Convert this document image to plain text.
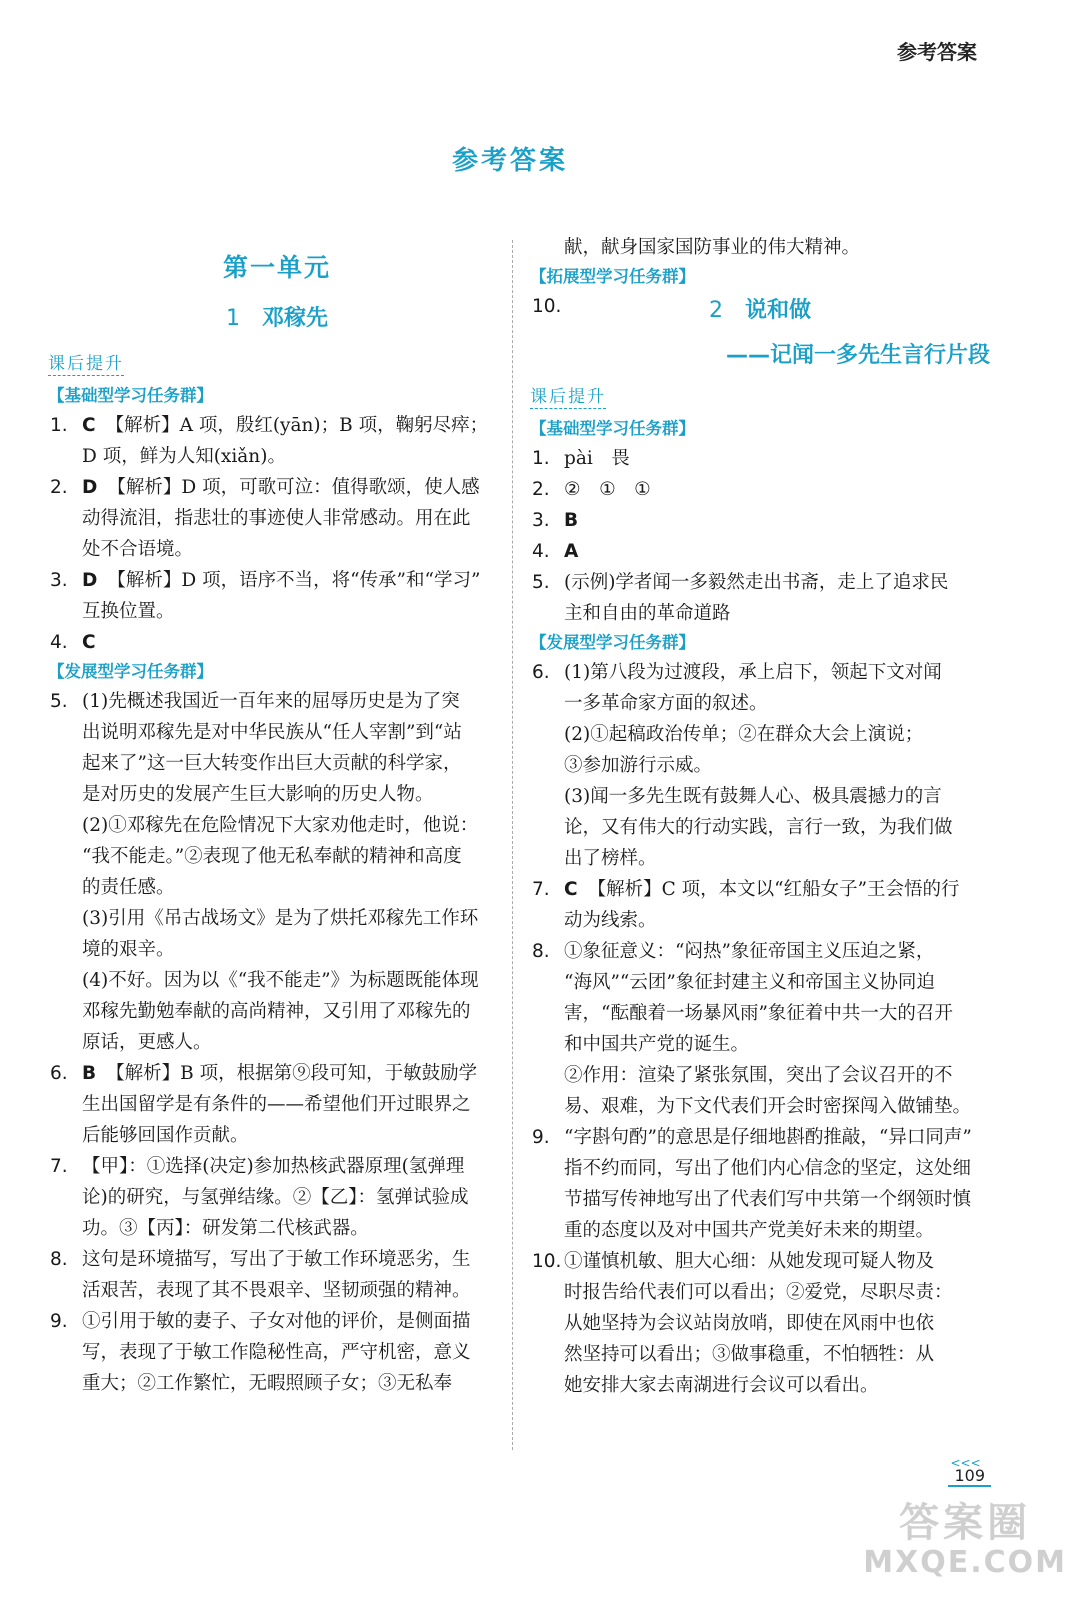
参考答案
参考答案
第一单元
1 邓稼先
课后提升
【基础型学习任务群】
1. C 【解析】A 项，殷红(yān)；B 项，鞠躬尽瘁；
D 项，鲜为人知(xiǎn)。
2. D 【解析】D 项，可歌可泣：值得歌颂，使人感
动得流泪，指悲壮的事迹使人非常感动。用在此
处不合语境。
3. D 【解析】D 项，语序不当，将“传承”和“学习”
互换位置。
4. C
【发展型学习任务群】
5. (1)先概述我国近一百年来的屈辱历史是为了突
出说明邓稼先是对中华民族从“任人宰割”到“站
起来了”这一巨大转变作出巨大贡献的科学家，
是对历史的发展产生巨大影响的历史人物。
(2)①邓稼先在危险情况下大家劝他走时，他说：
“我不能走。”②表现了他无私奉献的精神和高度
的责任感。
(3)引用《吊古战场文》是为了烘托邓稼先工作环
境的艰辛。
(4)不好。因为以《“我不能走”》为标题既能体现
邓稼先勤勉奉献的高尚精神，又引用了邓稼先的
原话，更感人。
6. B 【解析】B 项，根据第⑨段可知，于敏鼓励学
生出国留学是有条件的——希望他们开过眼界之
后能够回国作贡献。
7. 【甲】：①选择(决定)参加热核武器原理(氢弹理
论)的研究，与氢弹结缘。②【乙】：氢弹试验成
功。③【丙】：研发第二代核武器。
8. 这句是环境描写，写出了于敏工作环境恶劣，生
活艰苦，表现了其不畏艰辛、坚韧顽强的精神。
9. ①引用于敏的妻子、子女对他的评价，是侧面描
写，表现了于敏工作隐秘性高，严守机密，意义
重大；②工作繁忙，无暇照顾子女；③无私奉
献，献身国家国防事业的伟大精神。
【拓展型学习任务群】
10.	2 说和做
——记闻一多先生言行片段
课后提升
【基础型学习任务群】
1. pài　畏
2. ②　①　①
3. B
4. A
5. (示例)学者闻一多毅然走出书斋，走上了追求民
主和自由的革命道路
【发展型学习任务群】
6. (1)第八段为过渡段，承上启下，领起下文对闻
一多革命家方面的叙述。
(2)①起稿政治传单；②在群众大会上演说；
③参加游行示威。
(3)闻一多先生既有鼓舞人心、极具震撼力的言
论，又有伟大的行动实践，言行一致，为我们做
出了榜样。
7. C 【解析】C 项，本文以“红船女子”王会悟的行
动为线索。
8. ①象征意义：“闷热”象征帝国主义压迫之紧，
“海风”“云团”象征封建主义和帝国主义协同迫
害，“酝酿着一场暴风雨”象征着中共一大的召开
和中国共产党的诞生。
②作用：渲染了紧张氛围，突出了会议召开的不
易、艰难，为下文代表们开会时密探闯入做铺垫。
9. “字斟句酌”的意思是仔细地斟酌推敲，“异口同声”
指不约而同，写出了他们内心信念的坚定，这处细
节描写传神地写出了代表们写中共第一个纲领时慎
重的态度以及对中国共产党美好未来的期望。
10. ①谨慎机敏、胆大心细：从她发现可疑人物及
时报告给代表们可以看出；②爱党，尽职尽责：
从她坚持为会议站岗放哨，即使在风雨中也依
然坚持可以看出；③做事稳重，不怕牺牲：从
她安排大家去南湖进行会议可以看出。
<<<
109
答案圈
MXQE.COM
